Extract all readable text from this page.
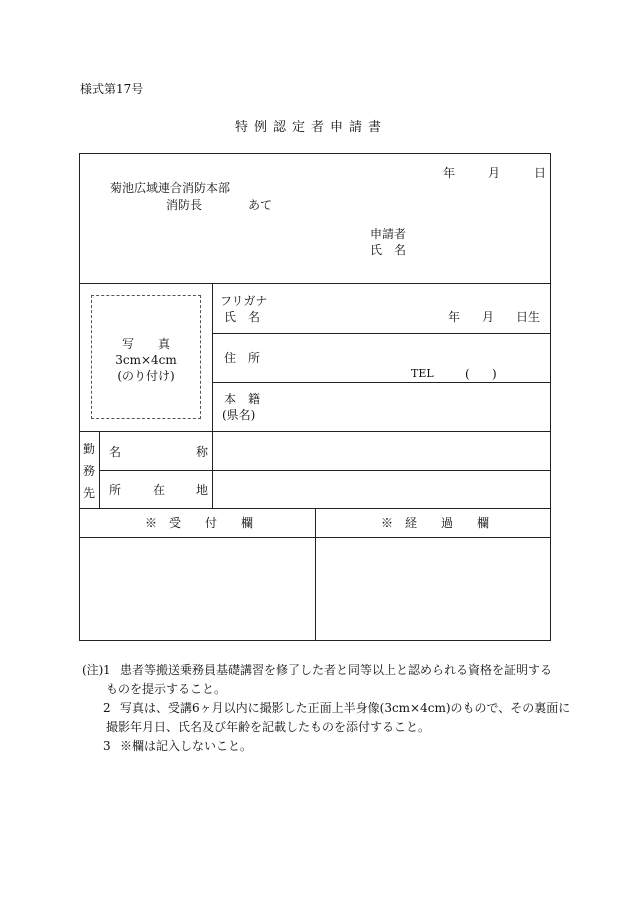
様式第17号
特例認定者申請書
年	月	日
菊池広域連合消防本部
消防長	あて
申請者
氏　名
写　　真
3cm×4cm
(のり付け)
フリガナ
氏　名	年 月 日生
住　所
TEL	( )
本　籍
(県名)
勤
務
先
名	称
所	在	地
※　受　　付　　欄	※　経　　過　　欄
(注) 1 患者等搬送乗務員基礎講習を修了した者と同等以上と認められる資格を証明する
ものを提示すること。
2 写真は、受講6ヶ月以内に撮影した正面上半身像(3cm×4cm)のもので、その裏面に
撮影年月日、氏名及び年齢を記載したものを添付すること。
3 ※欄は記入しないこと。
